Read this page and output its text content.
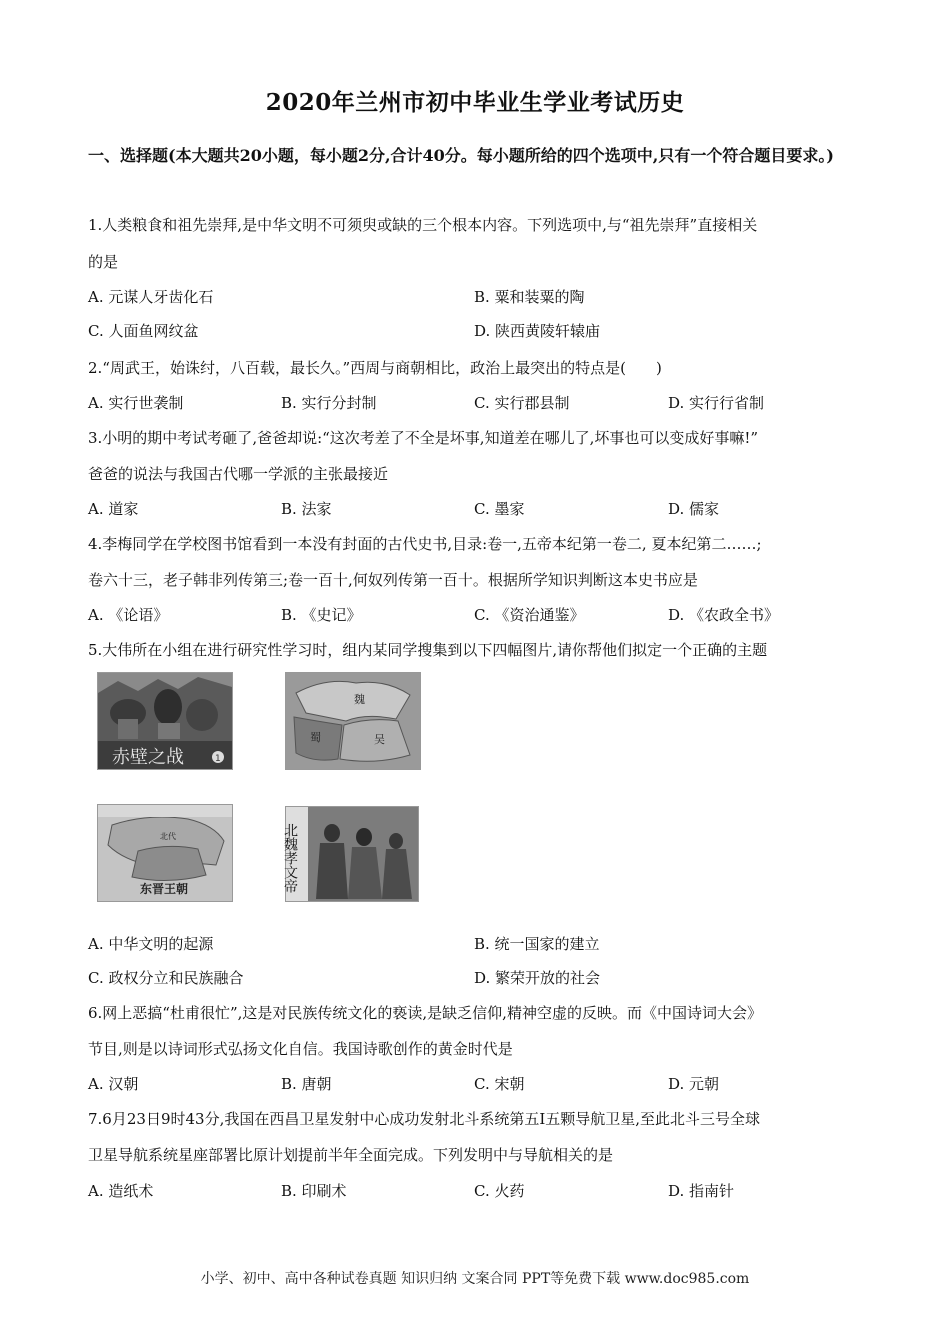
2020年兰州市初中毕业生学业考试历史
一、选择题(本大题共20小题，每小题2分,合计40分。每小题所给的四个选项中,只有一个符合题目要求。)
1.人类粮食和祖先崇拜,是中华文明不可须臾或缺的三个根本内容。下列选项中,与“祖先崇拜”直接相关
的是
A. 元谋人牙齿化石	B. 粟和装粟的陶
C. 人面鱼网纹盆	D. 陕西黄陵轩辕庙
2.“周武王，始诛纣，八百载，最长久。”西周与商朝相比，政治上最突出的特点是(　　)
A. 实行世袭制	B. 实行分封制	C. 实行郡县制	D. 实行行省制
3.小明的期中考试考砸了,爸爸却说:“这次考差了不全是坏事,知道差在哪儿了,坏事也可以变成好事嘛!”
爸爸的说法与我国古代哪一学派的主张最接近
A. 道家	B. 法家	C. 墨家	D. 儒家
4.李梅同学在学校图书馆看到一本没有封面的古代史书,目录:卷一,五帝本纪第一卷二, 夏本纪第二……;
卷六十三，老子韩非列传第三;卷一百十,何奴列传第一百十。根据所学知识判断这本史书应是
A. 《论语》	B. 《史记》	C. 《资治通鉴》	D. 《农政全书》
5.大伟所在小组在进行研究性学习时，组内某同学搜集到以下四幅图片,请你帮他们拟定一个正确的主题
赤壁之战	1
魏
蜀	吴
北代
东晋王朝	北魏孝文帝
A. 中华文明的起源	B. 统一国家的建立
C. 政权分立和民族融合	D. 繁荣开放的社会
6.网上恶搞“杜甫很忙”,这是对民族传统文化的亵读,是缺乏信仰,精神空虚的反映。而《中国诗词大会》
节目,则是以诗词形式弘扬文化自信。我国诗歌创作的黄金时代是
A. 汉朝	B. 唐朝	C. 宋朝	D. 元朝
7.6月23日9时43分,我国在西昌卫星发射中心成功发射北斗系统第五Ⅰ五颗导航卫星,至此北斗三号全球
卫星导航系统星座部署比原计划提前半年全面完成。下列发明中与导航相关的是
A. 造纸术	B. 印刷术	C. 火药	D. 指南针
小学、初中、高中各种试卷真题 知识归纳 文案合同 PPT等免费下载 www.doc985.com
